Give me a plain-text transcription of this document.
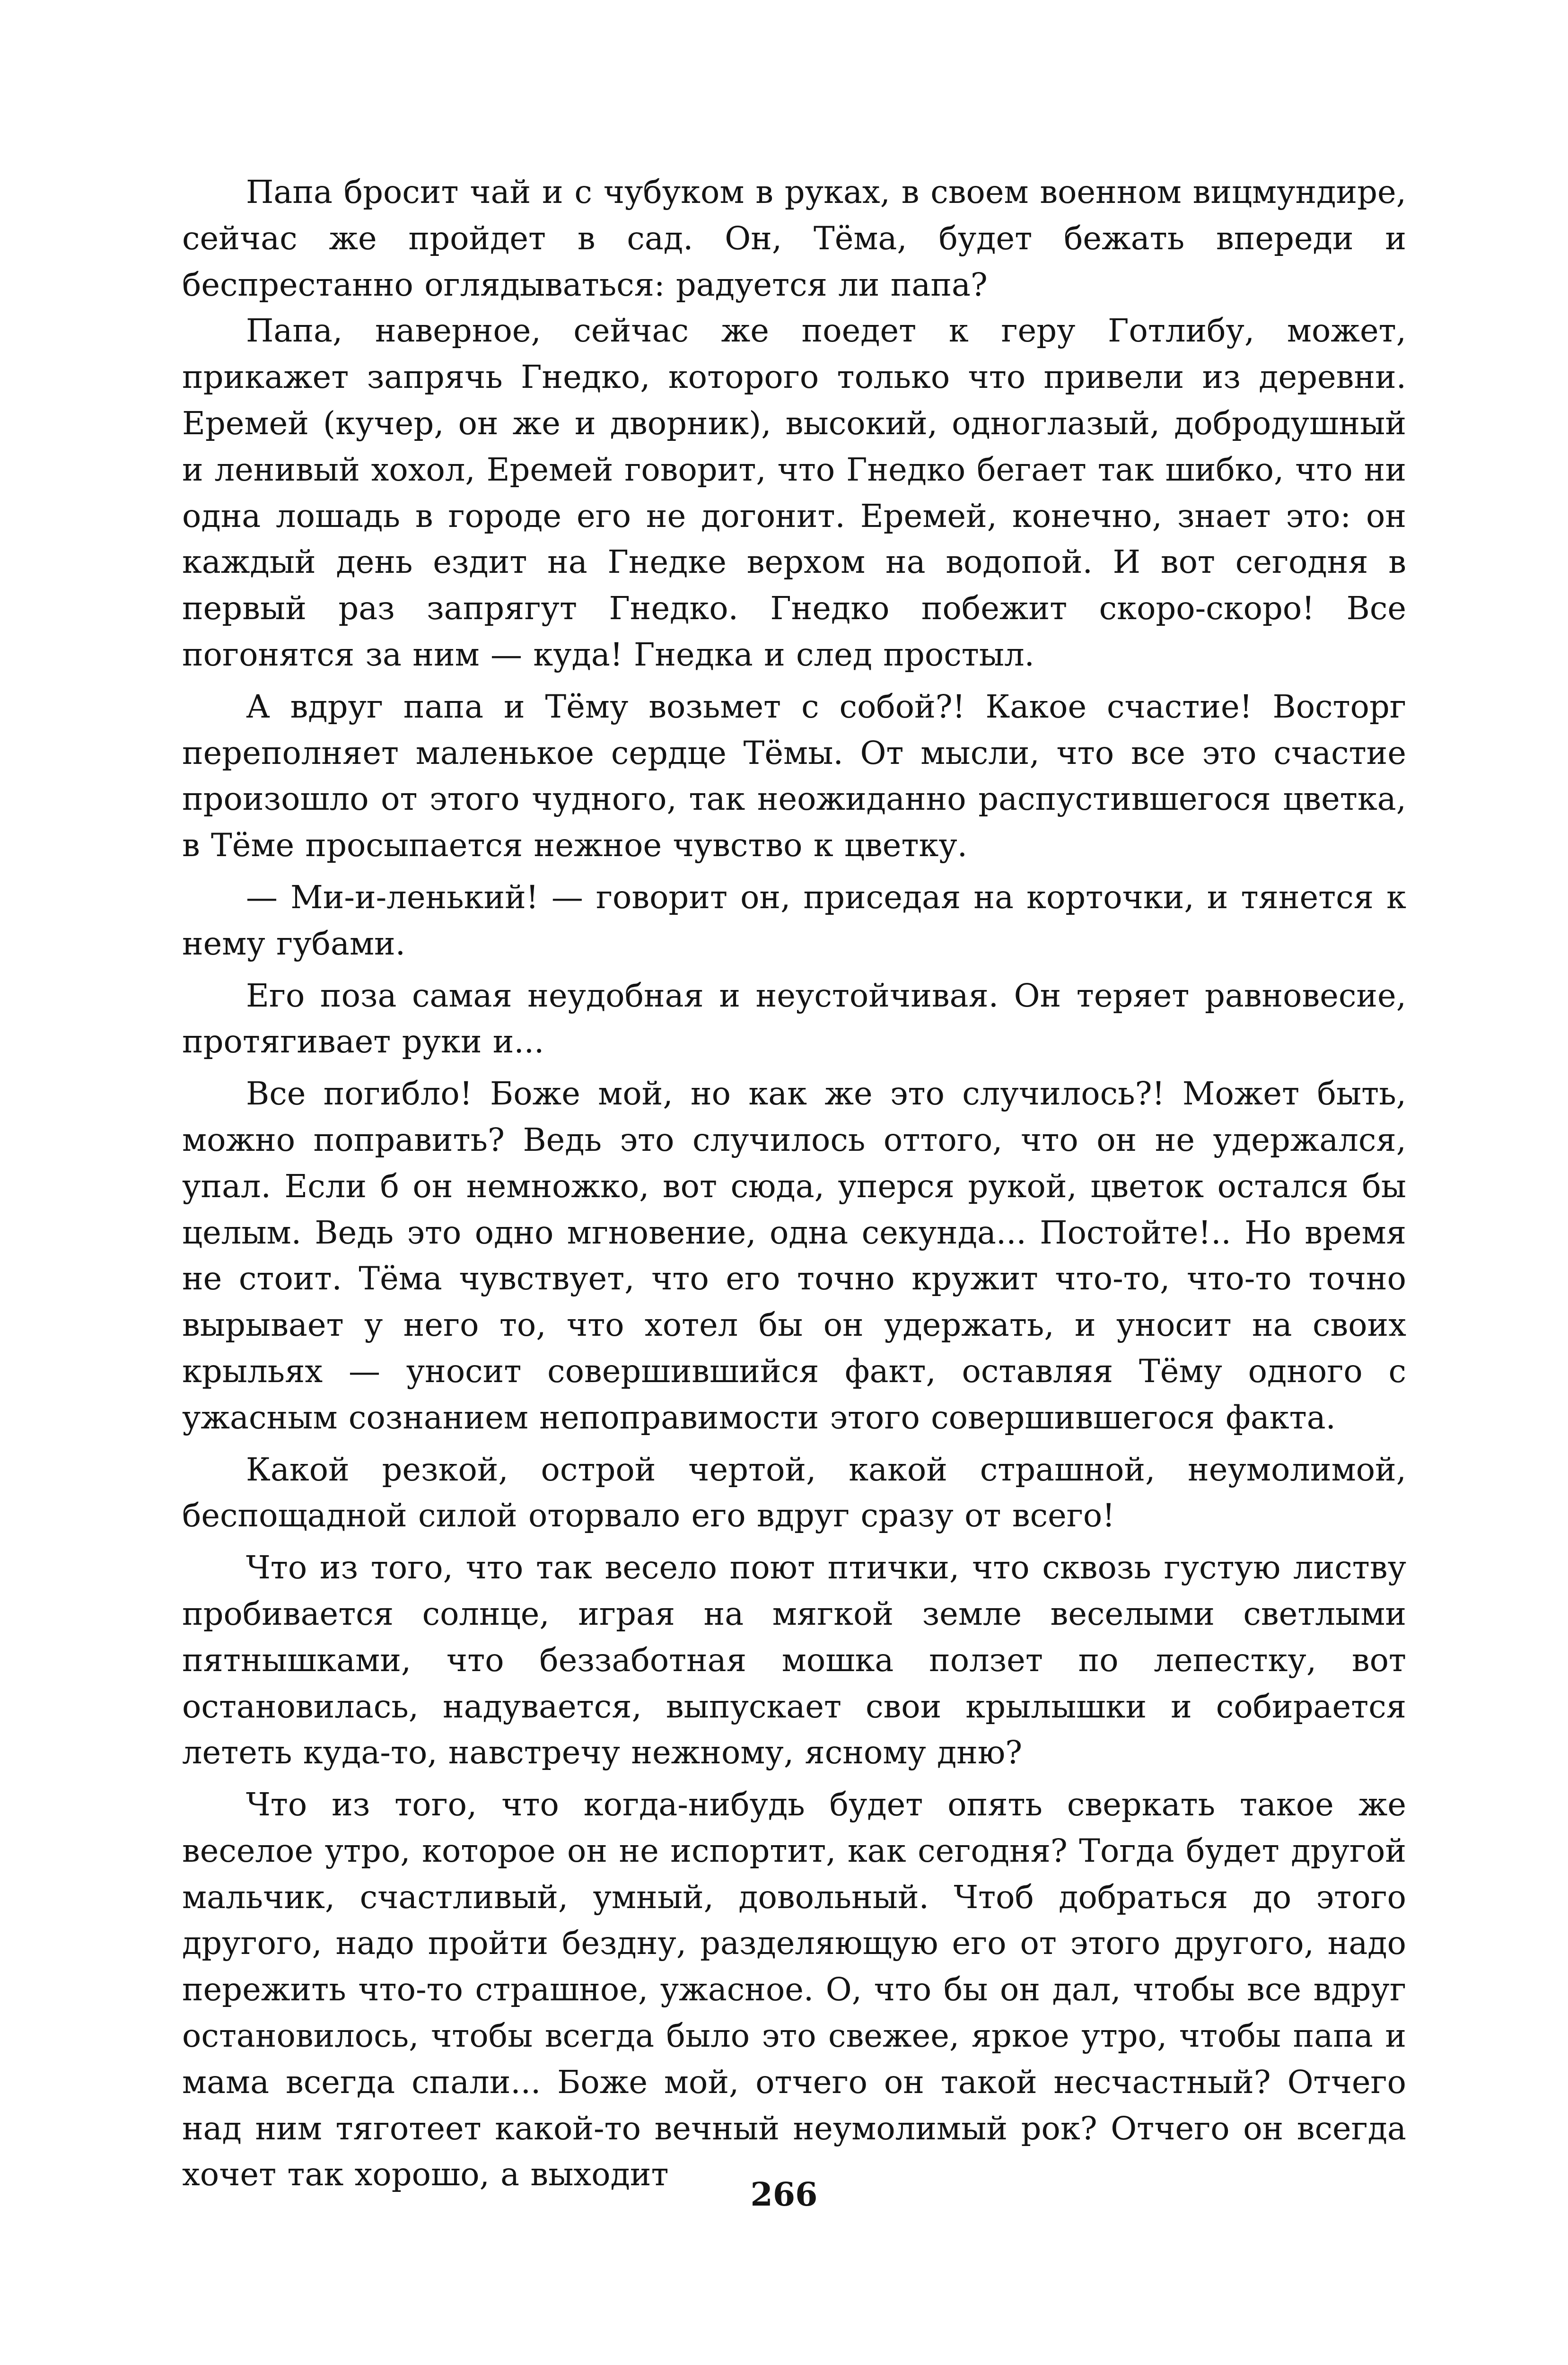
Папа бросит чай и с чубуком в руках, в своем военном вицмундире, сейчас же пройдет в сад. Он, Тёма, будет бежать впереди и беспрестанно оглядываться: радуется ли папа?

Папа, наверное, сейчас же поедет к геру Готлибу, может, прикажет запрячь Гнедко, которого только что привели из деревни. Еремей (кучер, он же и дворник), высокий, одноглазый, добродушный и ленивый хохол, Еремей говорит, что Гнедко бегает так шибко, что ни одна лошадь в городе его не догонит. Еремей, конечно, знает это: он каждый день ездит на Гнедке верхом на водопой. И вот сегодня в первый раз запрягут Гнедко. Гнедко побежит скоро-скоро! Все погонятся за ним — куда! Гнедка и след простыл.

А вдруг папа и Тёму возьмет с собой?! Какое счастие! Восторг переполняет маленькое сердце Тёмы. От мысли, что все это счастие произошло от этого чудного, так неожиданно распустившегося цветка, в Тёме просыпается нежное чувство к цветку.

— Ми-и-ленький! — говорит он, приседая на корточки, и тянется к нему губами.

Его поза самая неудобная и неустойчивая. Он теряет равновесие, протягивает руки и...

Все погибло! Боже мой, но как же это случилось?! Может быть, можно поправить? Ведь это случилось оттого, что он не удержался, упал. Если б он немножко, вот сюда, уперся рукой, цветок остался бы целым. Ведь это одно мгновение, одна секунда... Постойте!.. Но время не стоит. Тёма чувствует, что его точно кружит что-то, что-то точно вырывает у него то, что хотел бы он удержать, и уносит на своих крыльях — уносит совершившийся факт, оставляя Тёму одного с ужасным сознанием непоправимости этого совершившегося факта.

Какой резкой, острой чертой, какой страшной, неумолимой, беспощадной силой оторвало его вдруг сразу от всего!

Что из того, что так весело поют птички, что сквозь густую листву пробивается солнце, играя на мягкой земле веселыми светлыми пятнышками, что беззаботная мошка ползет по лепестку, вот остановилась, надувается, выпускает свои крылышки и собирается лететь куда-то, навстречу нежному, ясному дню?

Что из того, что когда-нибудь будет опять сверкать такое же веселое утро, которое он не испортит, как сегодня? Тогда будет другой мальчик, счастливый, умный, довольный. Чтоб добраться до этого другого, надо пройти бездну, разделяющую его от этого другого, надо пережить что-то страшное, ужасное. О, что бы он дал, чтобы все вдруг остановилось, чтобы всегда было это свежее, яркое утро, чтобы папа и мама всегда спали... Боже мой, отчего он такой несчастный? Отчего над ним тяготеет какой-то вечный неумолимый рок? Отчего он всегда хочет так хорошо, а выходит

266
